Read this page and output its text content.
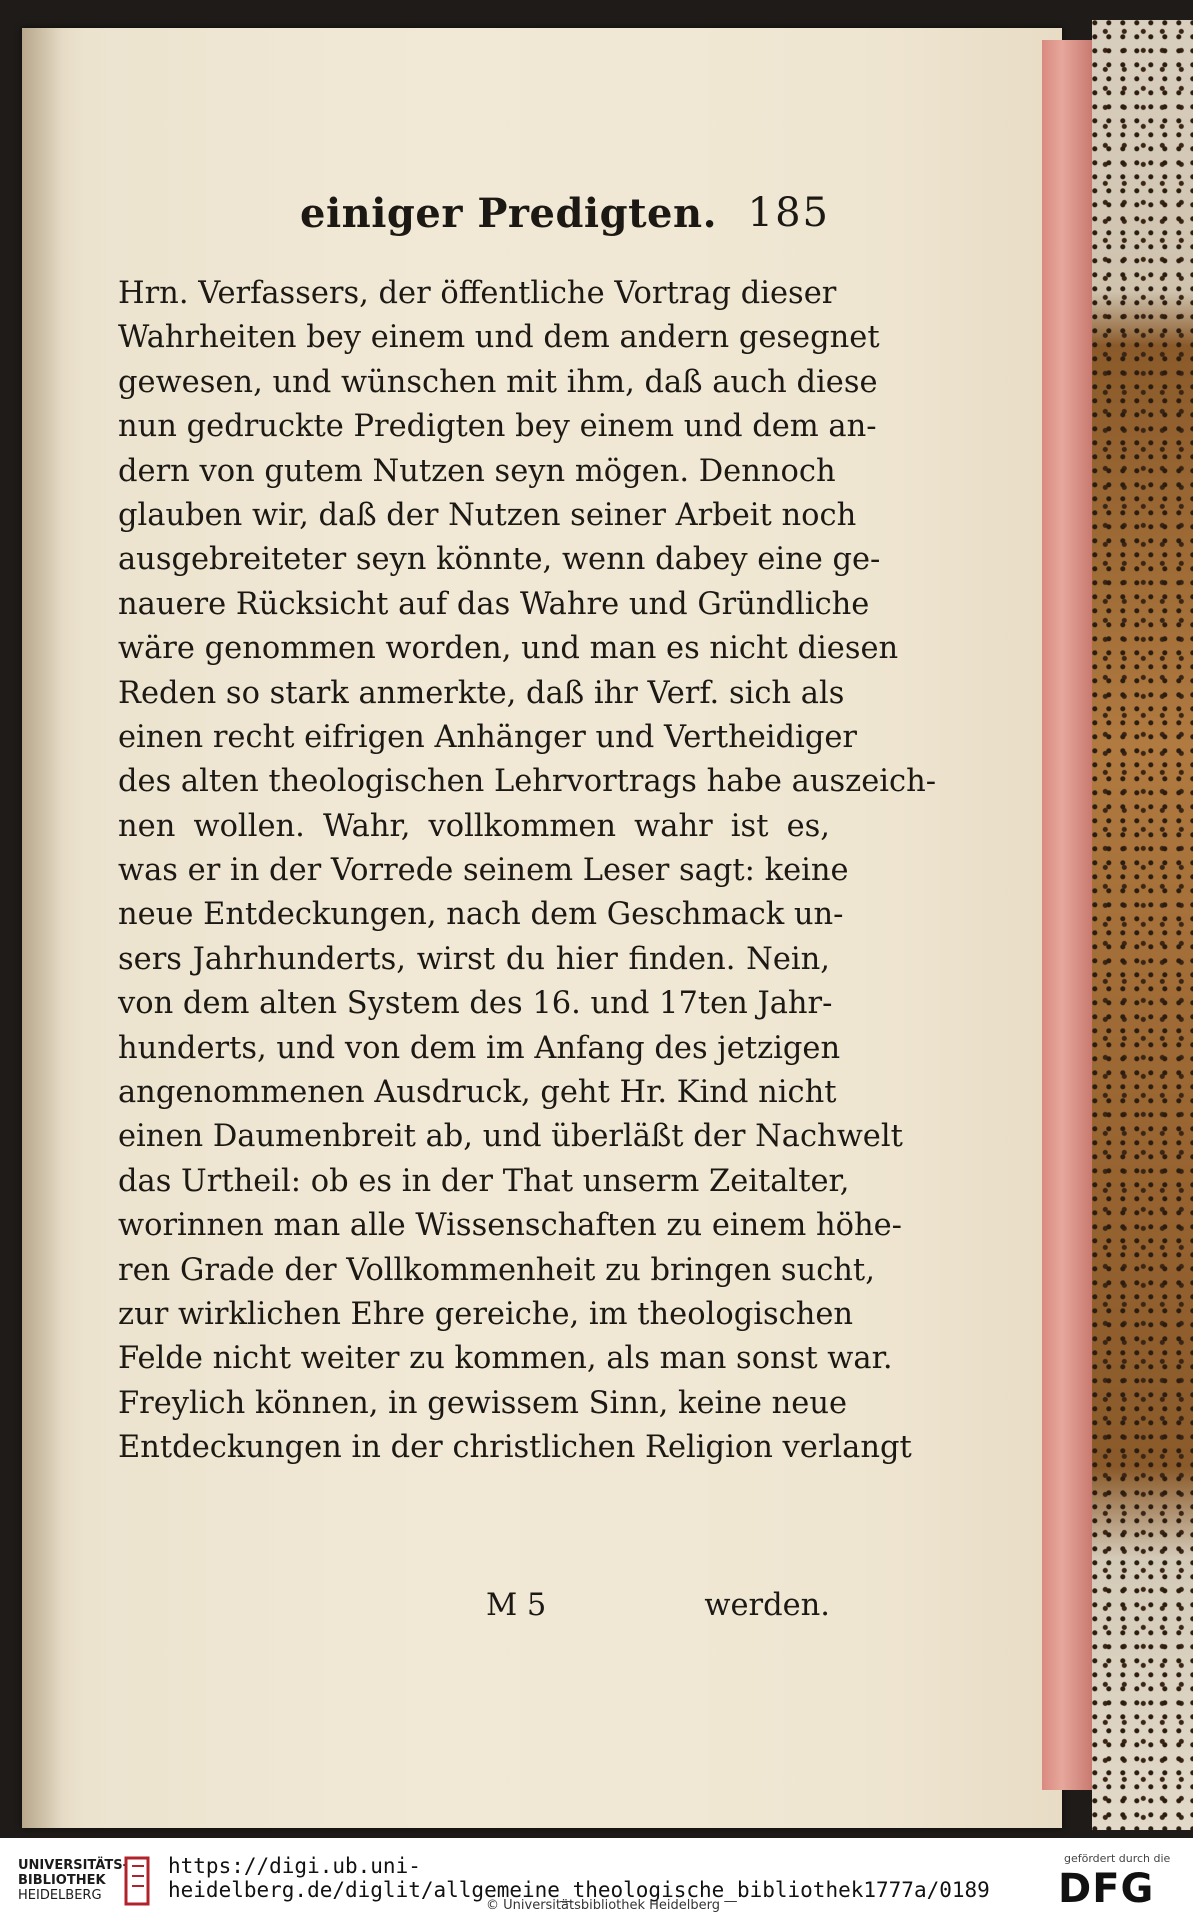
einiger Predigten. 185
Hrn. Verfassers, der öffentliche Vortrag dieser
Wahrheiten bey einem und dem andern gesegnet
gewesen, und wünschen mit ihm, daß auch diese
nun gedruckte Predigten bey einem und dem an-
dern von gutem Nutzen seyn mögen. Dennoch
glauben wir, daß der Nutzen seiner Arbeit noch
ausgebreiteter seyn könnte, wenn dabey eine ge-
nauere Rücksicht auf das Wahre und Gründliche
wäre genommen worden, und man es nicht diesen
Reden so stark anmerkte, daß ihr Verf. sich als
einen recht eifrigen Anhänger und Vertheidiger
des alten theologischen Lehrvortrags habe auszeich-
nen wollen. Wahr, vollkommen wahr ist es,
was er in der Vorrede seinem Leser sagt: keine
neue Entdeckungen, nach dem Geschmack un-
sers Jahrhunderts, wirst du hier finden. Nein,
von dem alten System des 16. und 17ten Jahr-
hunderts, und von dem im Anfang des jetzigen
angenommenen Ausdruck, geht Hr. Kind nicht
einen Daumenbreit ab, und überläßt der Nachwelt
das Urtheil: ob es in der That unserm Zeitalter,
worinnen man alle Wissenschaften zu einem höhe-
ren Grade der Vollkommenheit zu bringen sucht,
zur wirklichen Ehre gereiche, im theologischen
Felde nicht weiter zu kommen, als man sonst war.
Freylich können, in gewissem Sinn, keine neue
Entdeckungen in der christlichen Religion verlangt
M 5	werden.
UNIVERSITÄTS-
BIBLIOTHEK
HEIDELBERG
https://digi.ub.uni-heidelberg.de/diglit/allgemeine_theologische_bibliothek1777a/0189
© Universitätsbibliothek Heidelberg
gefördert durch die
DFG
